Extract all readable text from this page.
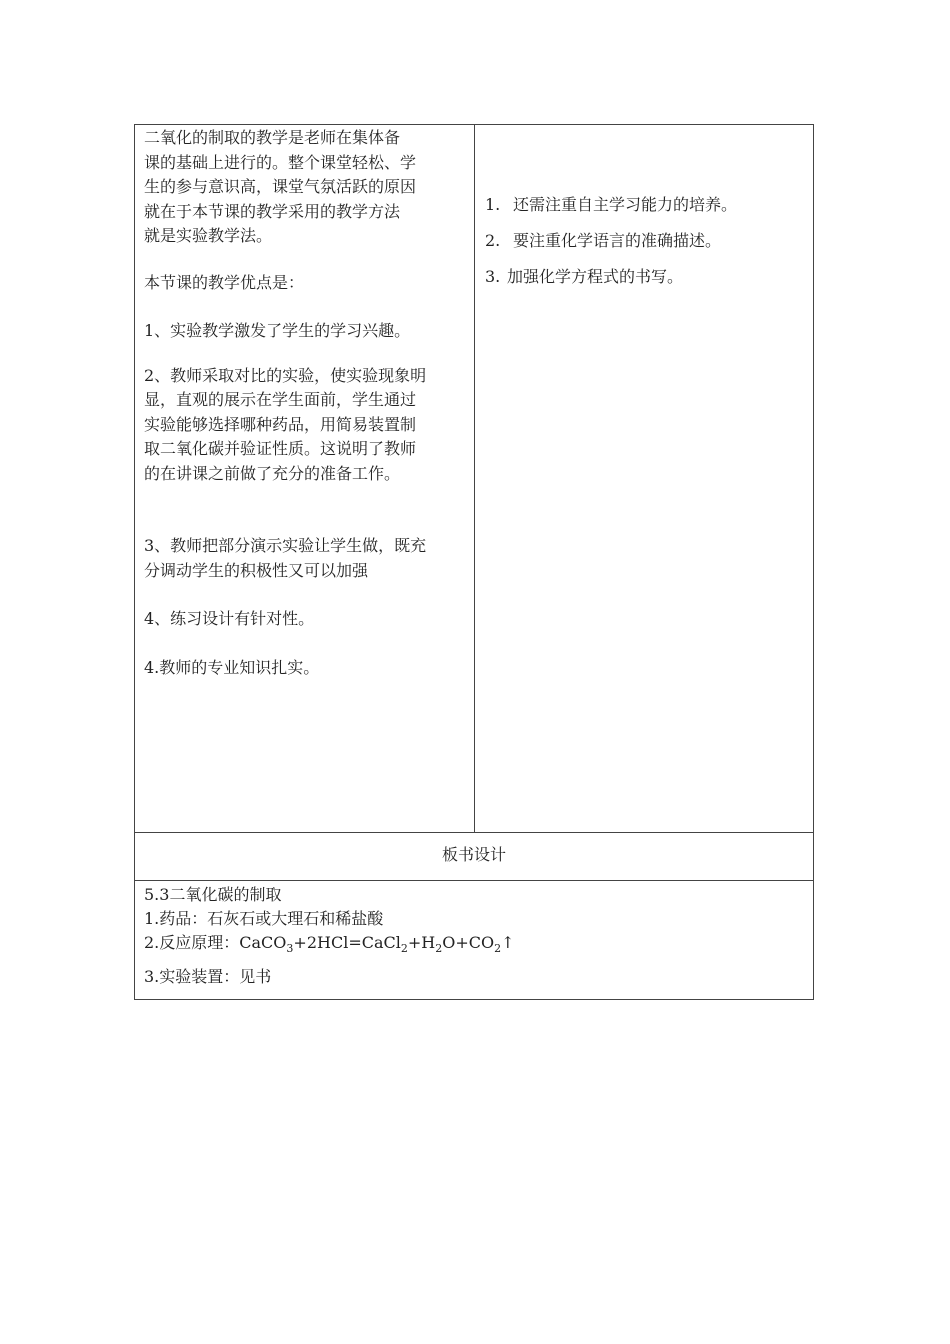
二氧化的制取的教学是老师在集体备

课的基础上进行的。整个课堂轻松、学

生的参与意识高，课堂气氛活跃的原因

就在于本节课的教学采用的教学方法

就是实验教学法。

本节课的教学优点是：

1、实验教学激发了学生的学习兴趣。

2、教师采取对比的实验，使实验现象明

显，直观的展示在学生面前，学生通过

实验能够选择哪种药品，用简易装置制

取二氧化碳并验证性质。这说明了教师

的在讲课之前做了充分的准备工作。

3、教师把部分演示实验让学生做，既充

分调动学生的积极性又可以加强

4、练习设计有针对性。

4.教师的专业知识扎实。

1. 还需注重自主学习能力的培养。
2. 要注重化学语言的准确描述。
3. 加强化学方程式的书写。
板书设计
5.3二氧化碳的制取
1.药品：石灰石或大理石和稀盐酸
2.反应原理：$CaCO_3+2HCl=CaCl_2+H_2O+CO_2↑$
3.实验装置：见书
